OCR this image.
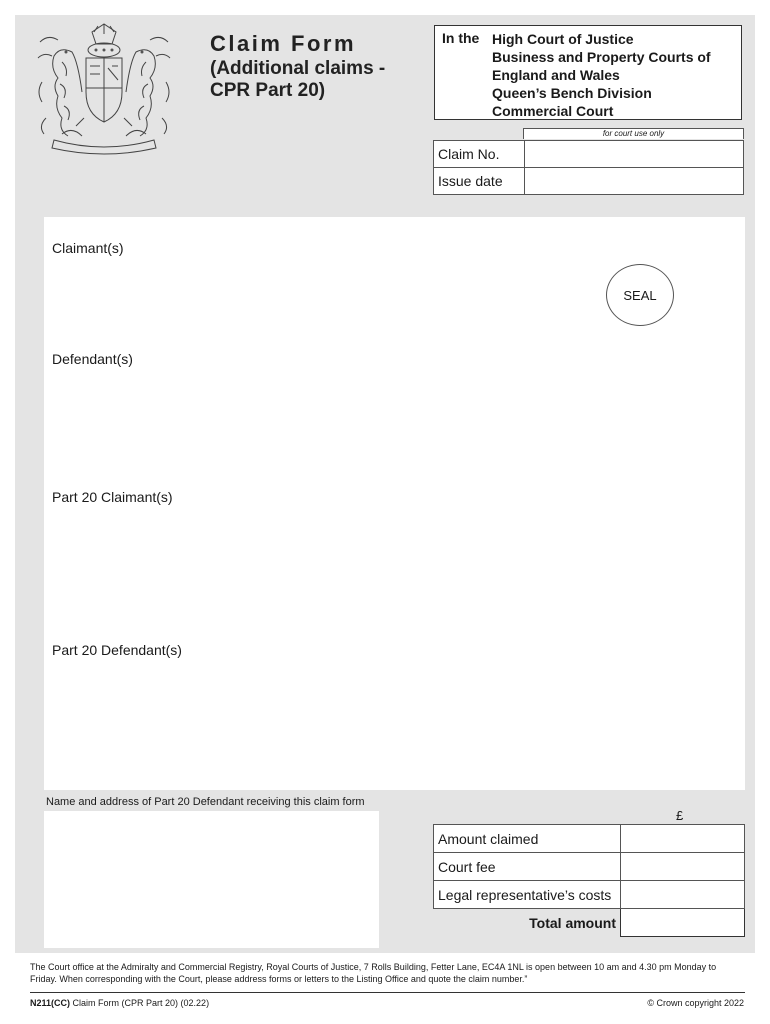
Claim Form
(Additional claims -
CPR Part 20)
In the High Court of Justice
Business and Property Courts of
England and Wales
Queen’s Bench Division
Commercial Court
for court use only
Claim No.	
Issue date	
Claimant(s)
SEAL
Defendant(s)
Part 20 Claimant(s)
Part 20 Defendant(s)
Name and address of Part 20 Defendant receiving this claim form
£
Amount claimed	
Court fee	
Legal representative’s costs	
Total amount	
The Court office at the Admiralty and Commercial Registry, Royal Courts of Justice, 7 Rolls Building, Fetter Lane, EC4A 1NL is open between 10 am and 4.30 pm Monday to Friday. When corresponding with the Court, please address forms or letters to the Listing Office and quote the claim number.”
N211(CC) Claim Form (CPR Part 20) (02.22)	© Crown copyright 2022
